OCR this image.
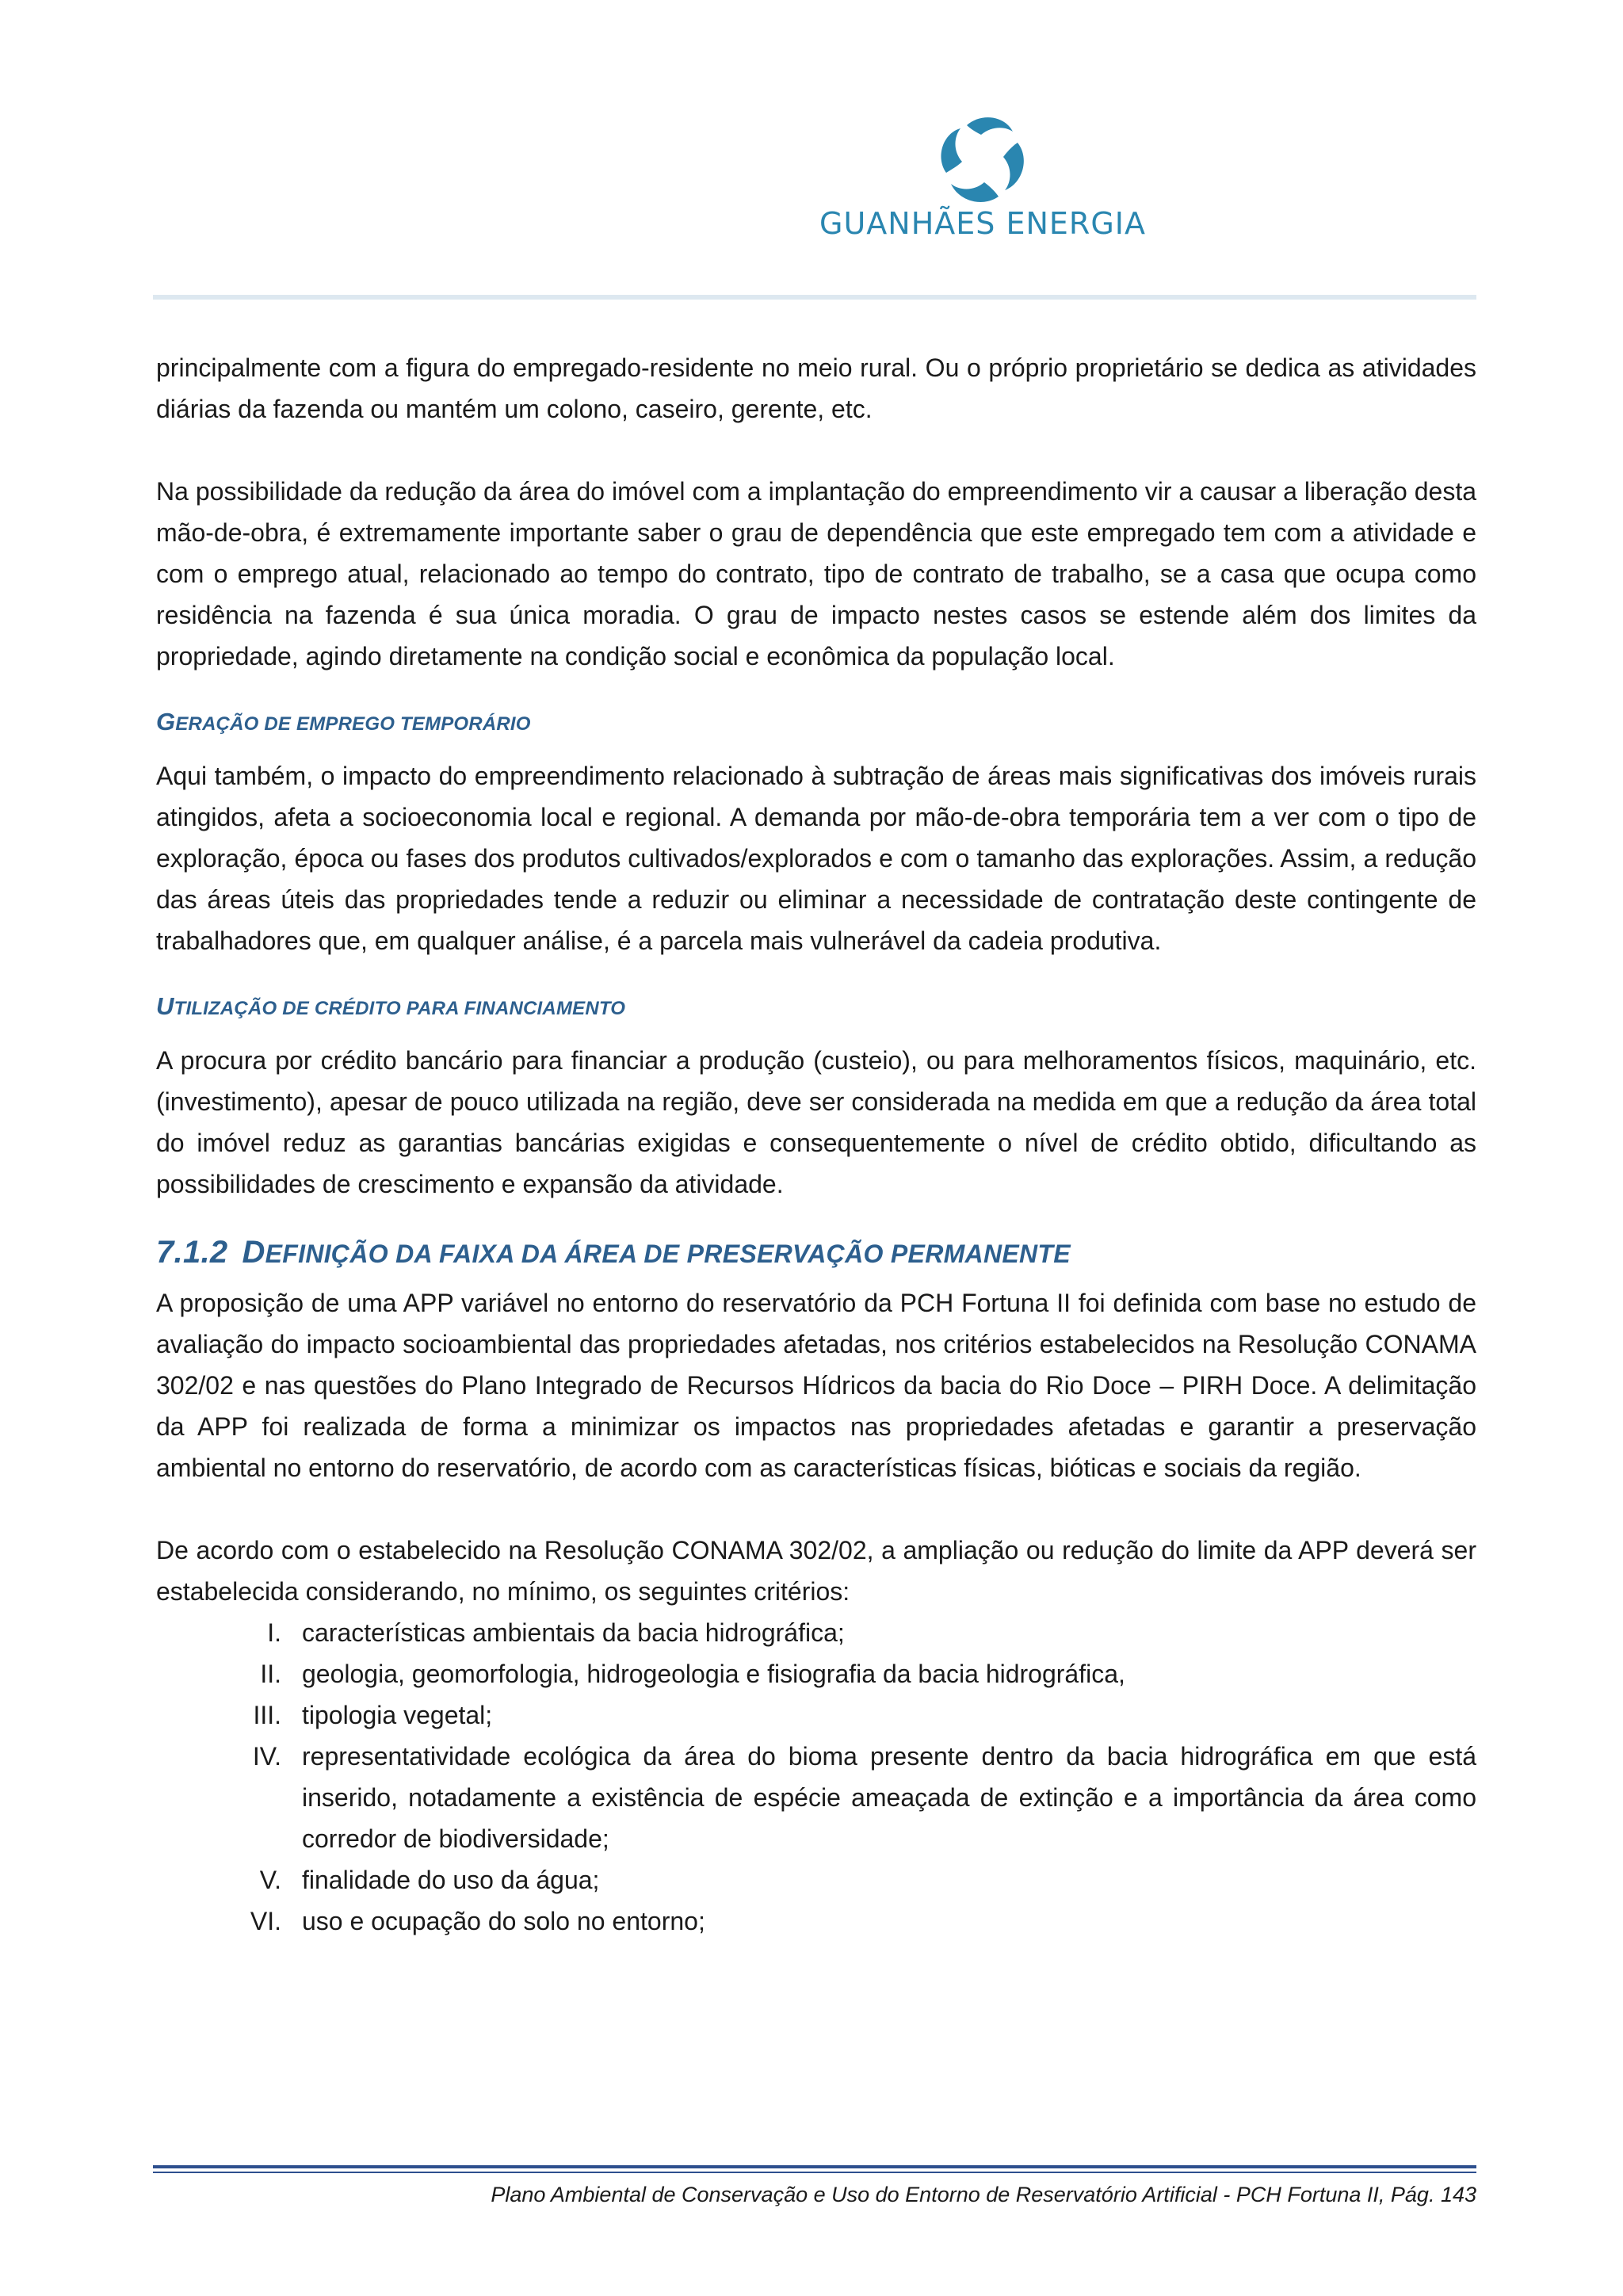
GUANHÃES ENERGIA

principalmente com a figura do empregado-residente no meio rural. Ou o próprio proprietário se dedica as atividades diárias da fazenda ou mantém um colono, caseiro, gerente, etc.

Na possibilidade da redução da área do imóvel com a implantação do empreendimento vir a causar a liberação desta mão-de-obra, é extremamente importante saber o grau de dependência que este empregado tem com a atividade e com o emprego atual, relacionado ao tempo do contrato, tipo de contrato de trabalho, se a casa que ocupa como residência na fazenda é sua única moradia. O grau de impacto nestes casos se estende além dos limites da propriedade, agindo diretamente na condição social e econômica da população local.

GERAÇÃO DE EMPREGO TEMPORÁRIO

Aqui também, o impacto do empreendimento relacionado à subtração de áreas mais significativas dos imóveis rurais atingidos, afeta a socioeconomia local e regional. A demanda por mão-de-obra temporária tem a ver com o tipo de exploração, época ou fases dos produtos cultivados/explorados e com o tamanho das explorações. Assim, a redução das áreas úteis das propriedades tende a reduzir ou eliminar a necessidade de contratação deste contingente de trabalhadores que, em qualquer análise, é a parcela mais vulnerável da cadeia produtiva.

UTILIZAÇÃO DE CRÉDITO PARA FINANCIAMENTO

A procura por crédito bancário para financiar a produção (custeio), ou para melhoramentos físicos, maquinário, etc. (investimento), apesar de pouco utilizada na região, deve ser considerada na medida em que a redução da área total do imóvel reduz as garantias bancárias exigidas e consequentemente o nível de crédito obtido, dificultando as possibilidades de crescimento e expansão da atividade.

7.1.2 DEFINIÇÃO DA FAIXA DA ÁREA DE PRESERVAÇÃO PERMANENTE

A proposição de uma APP variável no entorno do reservatório da PCH Fortuna II foi definida com base no estudo de avaliação do impacto socioambiental das propriedades afetadas, nos critérios estabelecidos na Resolução CONAMA 302/02 e nas questões do Plano Integrado de Recursos Hídricos da bacia do Rio Doce – PIRH Doce. A delimitação da APP foi realizada de forma a minimizar os impactos nas propriedades afetadas e garantir a preservação ambiental no entorno do reservatório, de acordo com as características físicas, bióticas e sociais da região.

De acordo com o estabelecido na Resolução CONAMA 302/02, a ampliação ou redução do limite da APP deverá ser estabelecida considerando, no mínimo, os seguintes critérios:

I. características ambientais da bacia hidrográfica;
II. geologia, geomorfologia, hidrogeologia e fisiografia da bacia hidrográfica,
III. tipologia vegetal;
IV. representatividade ecológica da área do bioma presente dentro da bacia hidrográfica em que está inserido, notadamente a existência de espécie ameaçada de extinção e a importância da área como corredor de biodiversidade;
V. finalidade do uso da água;
VI. uso e ocupação do solo no entorno;
Plano Ambiental de Conservação e Uso do Entorno de Reservatório Artificial - PCH Fortuna II, Pág. 143
